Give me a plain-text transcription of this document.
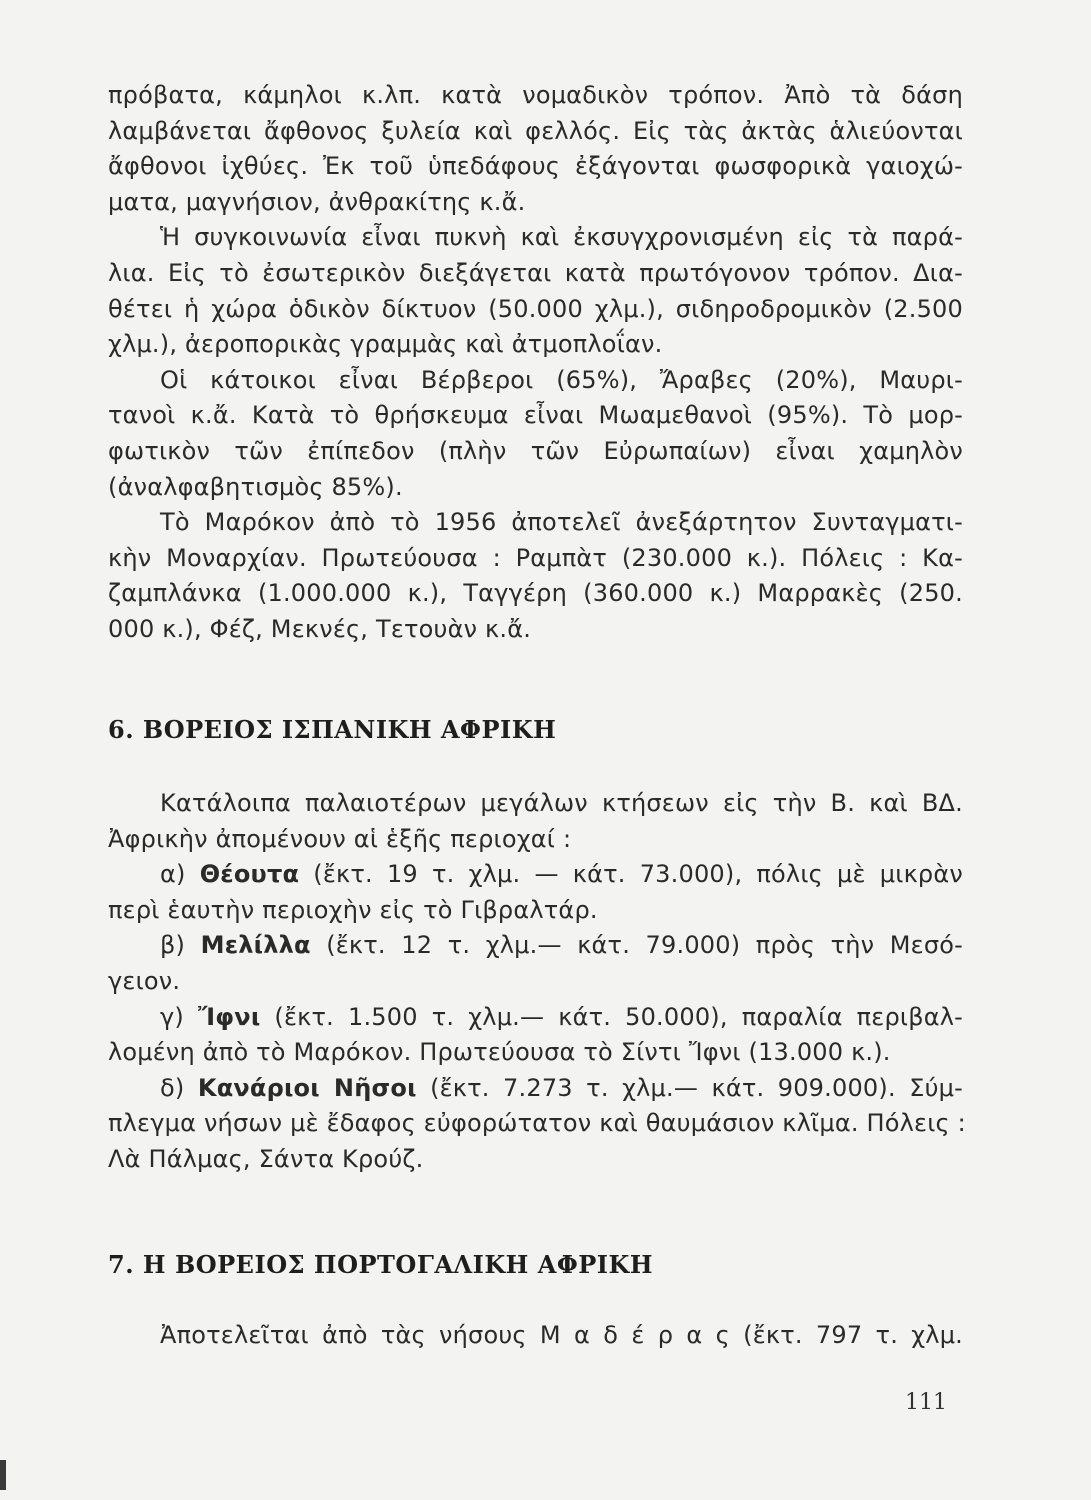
πρόβατα, κάμηλοι κ.λπ. κατὰ νομαδικὸν τρόπον. Ἀπὸ τὰ δάση
λαμβάνεται ἄφθονος ξυλεία καὶ φελλός. Εἰς τὰς ἀκτὰς ἁλιεύονται
ἄφθονοι ἰχθύες. Ἐκ τοῦ ὑπεδάφους ἐξάγονται φωσφορικὰ γαιοχώ-
ματα, μαγνήσιον, ἀνθρακίτης κ.ἄ.
Ἡ συγκοινωνία εἶναι πυκνὴ καὶ ἐκσυγχρονισμένη εἰς τὰ παρά-
λια. Εἰς τὸ ἐσωτερικὸν διεξάγεται κατὰ πρωτόγονον τρόπον. Δια-
θέτει ἡ χώρα ὁδικὸν δίκτυον (50.000 χλμ.), σιδηροδρομικὸν (2.500
χλμ.), ἀεροπορικὰς γραμμὰς καὶ ἀτμοπλοΐαν.
Οἱ κάτοικοι εἶναι Βέρβεροι (65%), Ἄραβες (20%), Μαυρι-
τανοὶ κ.ἄ. Κατὰ τὸ θρήσκευμα εἶναι Μωαμεθανοὶ (95%). Τὸ μορ-
φωτικὸν τῶν ἐπίπεδον (πλὴν τῶν Εὐρωπαίων) εἶναι χαμηλὸν
(ἀναλφαβητισμὸς 85%).
Τὸ Μαρόκον ἀπὸ τὸ 1956 ἀποτελεῖ ἀνεξάρτητον Συνταγματι-
κὴν Μοναρχίαν. Πρωτεύουσα : Ραμπὰτ (230.000 κ.). Πόλεις : Κα-
ζαμπλάνκα (1.000.000 κ.), Ταγγέρη (360.000 κ.) Μαρρακὲς (250.
000 κ.), Φέζ, Μεκνές, Τετουὰν κ.ἄ.
6. ΒΟΡΕΙΟΣ ΙΣΠΑΝΙΚΗ ΑΦΡΙΚΗ
Κατάλοιπα παλαιοτέρων μεγάλων κτήσεων εἰς τὴν Β. καὶ ΒΔ.
Ἀφρικὴν ἀπομένουν αἱ ἑξῆς περιοχαί :
α) Θέουτα (ἔκτ. 19 τ. χλμ. — κάτ. 73.000), πόλις μὲ μικρὰν
περὶ ἑαυτὴν περιοχὴν εἰς τὸ Γιβραλτάρ.
β) Μελίλλα (ἔκτ. 12 τ. χλμ.— κάτ. 79.000) πρὸς τὴν Μεσό-
γειον.
γ) Ἴφνι (ἔκτ. 1.500 τ. χλμ.— κάτ. 50.000), παραλία περιβαλ-
λομένη ἀπὸ τὸ Μαρόκον. Πρωτεύουσα τὸ Σίντι Ἴφνι (13.000 κ.).
δ) Κανάριοι Νῆσοι (ἔκτ. 7.273 τ. χλμ.— κάτ. 909.000). Σύμ-
πλεγμα νήσων μὲ ἔδαφος εὐφορώτατον καὶ θαυμάσιον κλῖμα. Πόλεις :
Λὰ Πάλμας, Σάντα Κρούζ.
7. Η ΒΟΡΕΙΟΣ ΠΟΡΤΟΓΑΛΙΚΗ ΑΦΡΙΚΗ
Ἀποτελεῖται ἀπὸ τὰς νήσους Μ α δ έ ρ α ς (ἔκτ. 797 τ. χλμ.
111
